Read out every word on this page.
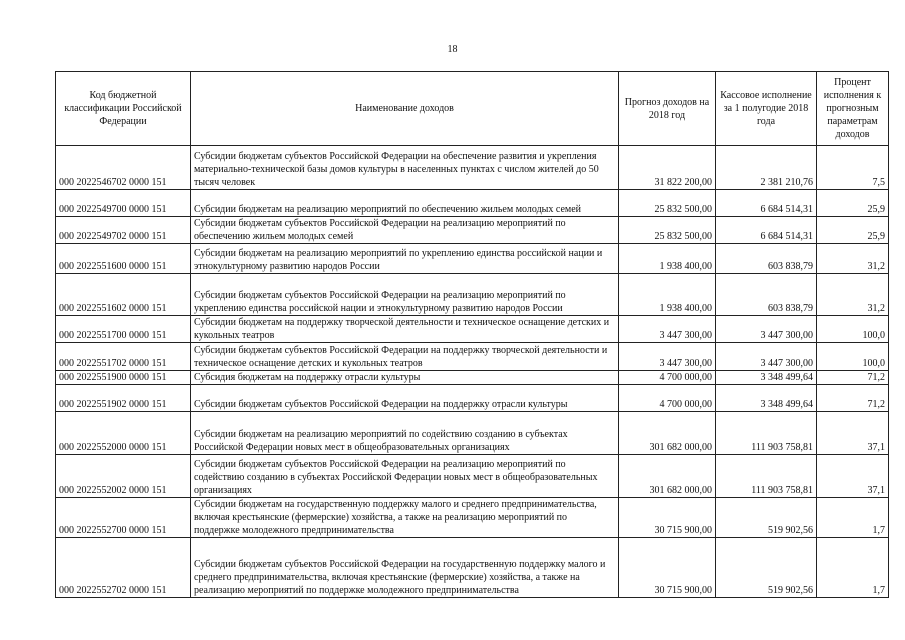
18
Код бюджетной классификации Российской Федерации	Наименование доходов	Прогноз доходов на 2018 год	Кассовое исполнение за 1 полугодие 2018 года	Процент исполнения к прогнозным параметрам доходов
000 2022546702 0000 151	Субсидии бюджетам субъектов Российской Федерации на обеспечение развития и укрепления материально-технической базы домов культуры в населенных пунктах с числом жителей до 50 тысяч человек	31 822 200,00	2 381 210,76	7,5
000 2022549700 0000 151	Субсидии бюджетам на реализацию мероприятий по обеспечению жильем молодых семей	25 832 500,00	6 684 514,31	25,9
000 2022549702 0000 151	Субсидии бюджетам субъектов Российской Федерации на реализацию мероприятий по обеспечению жильем молодых семей	25 832 500,00	6 684 514,31	25,9
000 2022551600 0000 151	Субсидии бюджетам на реализацию мероприятий по укреплению единства российской нации и этнокультурному развитию народов России	1 938 400,00	603 838,79	31,2
000 2022551602 0000 151	Субсидии бюджетам субъектов Российской Федерации на реализацию мероприятий по укреплению единства российской нации и этнокультурному развитию народов России	1 938 400,00	603 838,79	31,2
000 2022551700 0000 151	Субсидии бюджетам на поддержку творческой деятельности и техническое оснащение детских и кукольных театров	3 447 300,00	3 447 300,00	100,0
000 2022551702 0000 151	Субсидии бюджетам субъектов Российской Федерации на поддержку творческой деятельности и техническое оснащение детских и кукольных театров	3 447 300,00	3 447 300,00	100,0
000 2022551900 0000 151	Субсидия бюджетам на поддержку отрасли культуры	4 700 000,00	3 348 499,64	71,2
000 2022551902 0000 151	Субсидии бюджетам субъектов Российской Федерации на поддержку отрасли культуры	4 700 000,00	3 348 499,64	71,2
000 2022552000 0000 151	Субсидии бюджетам на реализацию мероприятий по содействию созданию в субъектах Российской Федерации новых мест в общеобразовательных организациях	301 682 000,00	111 903 758,81	37,1
000 2022552002 0000 151	Субсидии бюджетам субъектов Российской Федерации на реализацию мероприятий по содействию созданию в субъектах Российской Федерации новых мест в общеобразовательных организациях	301 682 000,00	111 903 758,81	37,1
000 2022552700 0000 151	Субсидии бюджетам на государственную поддержку малого и среднего предпринимательства, включая крестьянские (фермерские) хозяйства, а также на реализацию мероприятий по поддержке молодежного предпринимательства	30 715 900,00	519 902,56	1,7
000 2022552702 0000 151	Субсидии бюджетам субъектов Российской Федерации на государственную поддержку малого и среднего предпринимательства, включая крестьянские (фермерские) хозяйства, а также на реализацию мероприятий по поддержке молодежного предпринимательства	30 715 900,00	519 902,56	1,7
